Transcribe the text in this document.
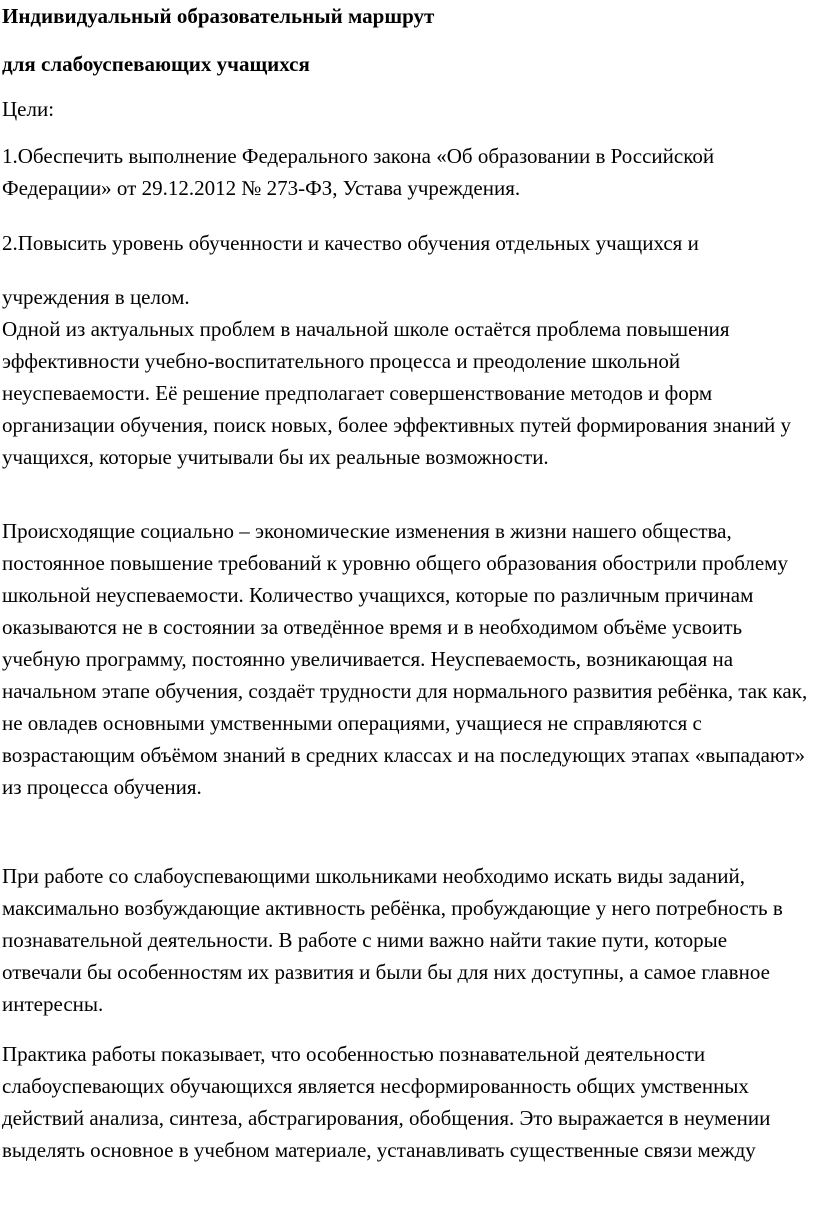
Индивидуальный образовательный маршрут

для слабоуспевающих учащихся

Цели:

1.Обеспечить выполнение Федерального закона «Об образовании в Российской Федерации» от 29.12.2012 № 273-ФЗ, Устава учреждения.

2.Повысить уровень обученности и качество обучения отдельных учащихся и учреждения в целом.

Одной из актуальных проблем в начальной школе остаётся проблема повышения эффективности учебно-воспитательного процесса и преодоление школьной неуспеваемости. Её решение предполагает совершенствование методов и форм организации обучения, поиск новых, более эффективных путей формирования знаний у учащихся, которые учитывали бы их реальные возможности.

Происходящие социально – экономические изменения в жизни нашего общества, постоянное повышение требований к уровню общего образования обострили проблему школьной неуспеваемости. Количество учащихся, которые по различным причинам оказываются не в состоянии за отведённое время и в необходимом объёме усвоить учебную программу, постоянно увеличивается. Неуспеваемость, возникающая на начальном этапе обучения, создаёт трудности для нормального развития ребёнка, так как, не овладев основными умственными операциями, учащиеся не справляются с возрастающим объёмом знаний в средних классах и на последующих этапах «выпадают» из процесса обучения.

При работе со слабоуспевающими школьниками необходимо искать виды заданий, максимально возбуждающие активность ребёнка, пробуждающие у него потребность в познавательной деятельности. В работе с ними важно найти такие пути, которые отвечали бы особенностям их развития и были бы для них доступны, а самое главное интересны.

Практика работы показывает, что особенностью познавательной деятельности слабоуспевающих обучающихся является несформированность общих умственных действий анализа, синтеза, абстрагирования, обобщения. Это выражается в неумении выделять основное в учебном материале, устанавливать существенные связи между
